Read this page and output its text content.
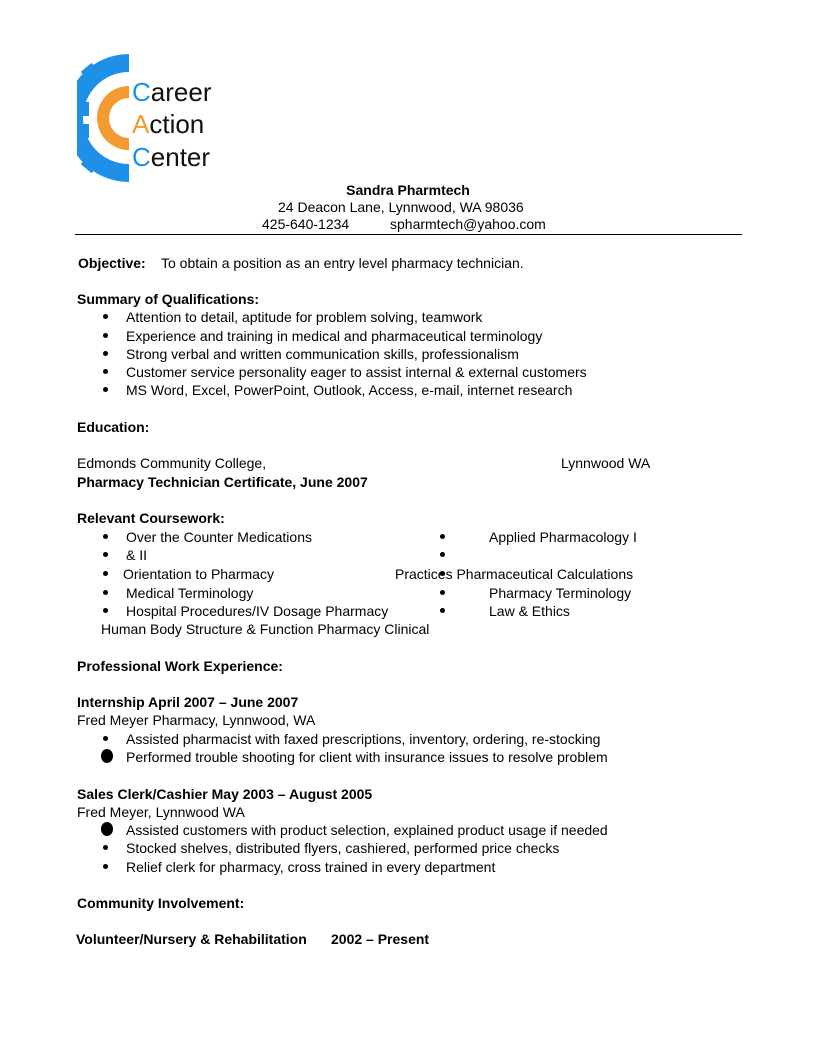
Career
Action
Center
Sandra Pharmtech
24 Deacon Lane, Lynnwood, WA 98036
425-640-1234	spharmtech@yahoo.com
Objective: To obtain a position as an entry level pharmacy technician.
Summary of Qualifications:
Attention to detail, aptitude for problem solving, teamwork
Experience and training in medical and pharmaceutical terminology
Strong verbal and written communication skills, professionalism
Customer service personality eager to assist internal & external customers
MS Word, Excel, PowerPoint, Outlook, Access, e-mail, internet research
Education:
Edmonds Community College,	Lynnwood WA
Pharmacy Technician Certificate, June 2007
Relevant Coursework:
Over the Counter Medications
& II
Orientation to Pharmacy
Medical Terminology
Hospital Procedures/IV Dosage Pharmacy
Applied Pharmacology I
Practices Pharmaceutical Calculations
Pharmacy Terminology
Law & Ethics
Human Body Structure & Function Pharmacy Clinical
Professional Work Experience:
Internship April 2007 – June 2007
Fred Meyer Pharmacy, Lynnwood, WA
Assisted pharmacist with faxed prescriptions, inventory, ordering, re-stocking
Performed trouble shooting for client with insurance issues to resolve problem
Sales Clerk/Cashier May 2003 – August 2005
Fred Meyer, Lynnwood WA
Assisted customers with product selection, explained product usage if needed
Stocked shelves, distributed flyers, cashiered, performed price checks
Relief clerk for pharmacy, cross trained in every department
Community Involvement:
Volunteer/Nursery & Rehabilitation 2002 – Present
